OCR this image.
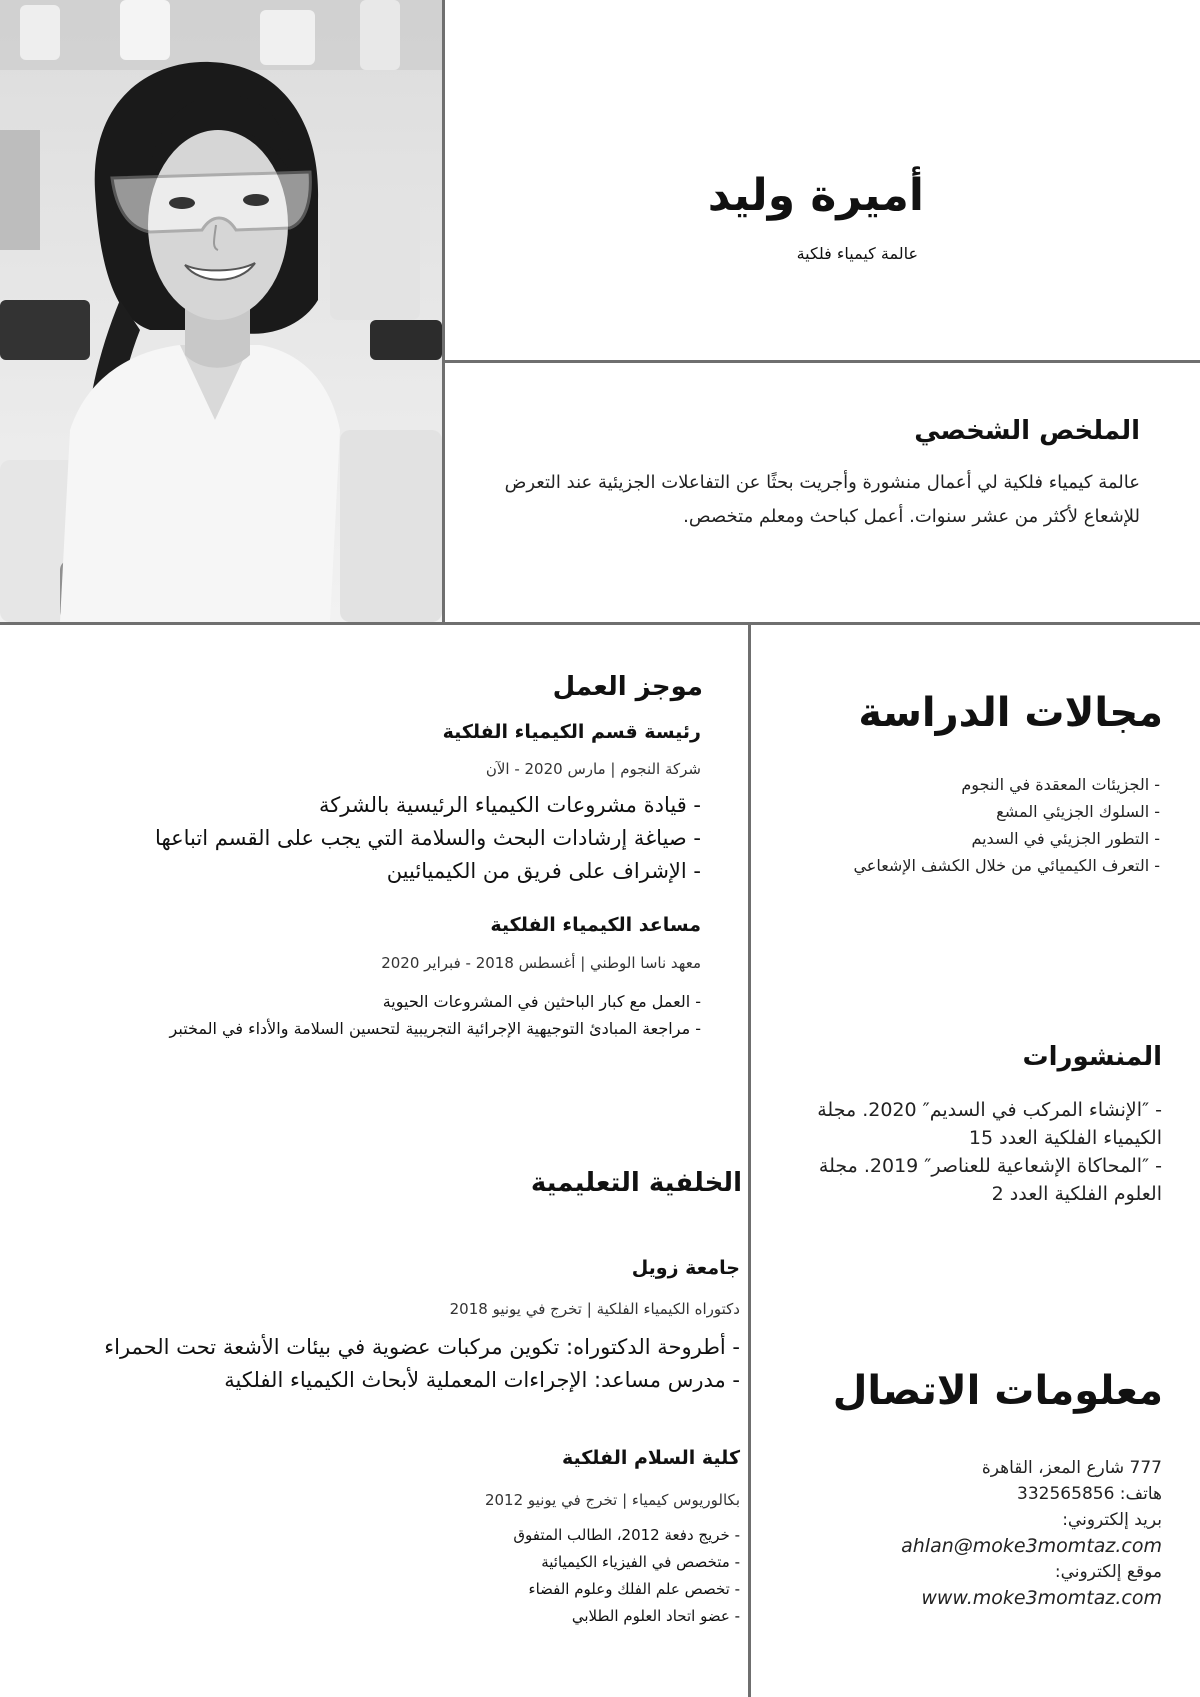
أميرة وليد
عالمة كيمياء فلكية
الملخص الشخصي
عالمة كيمياء فلكية لي أعمال منشورة وأجريت بحثًا عن التفاعلات الجزيئية عند التعرض للإشعاع لأكثر من عشر سنوات. أعمل كباحث ومعلم متخصص.
موجز العمل
رئيسة قسم الكيمياء الفلكية
شركة النجوم | مارس 2020 - الآن
- قيادة مشروعات الكيمياء الرئيسية بالشركة
- صياغة إرشادات البحث والسلامة التي يجب على القسم اتباعها
- الإشراف على فريق من الكيميائيين
مساعد الكيمياء الفلكية
معهد ناسا الوطني | أغسطس 2018 - فبراير 2020
- العمل مع كبار الباحثين في المشروعات الحيوية
- مراجعة المبادئ التوجيهية الإجرائية التجريبية لتحسين السلامة والأداء في المختبر
الخلفية التعليمية
جامعة زويل
دكتوراه الكيمياء الفلكية | تخرج في يونيو 2018
- أطروحة الدكتوراه: تكوين مركبات عضوية في بيئات الأشعة تحت الحمراء
- مدرس مساعد: الإجراءات المعملية لأبحاث الكيمياء الفلكية
كلية السلام الفلكية
بكالوريوس كيمياء | تخرج في يونيو 2012
- خريج دفعة 2012، الطالب المتفوق
- متخصص في الفيزياء الكيميائية
- تخصص علم الفلك وعلوم الفضاء
- عضو اتحاد العلوم الطلابي
مجالات الدراسة
- الجزيئات المعقدة في النجوم
- السلوك الجزيئي المشع
- التطور الجزيئي في السديم
- التعرف الكيميائي من خلال الكشف الإشعاعي
المنشورات
- ″الإنشاء المركب في السديم″ 2020. مجلة الكيمياء الفلكية العدد 15
- ″المحاكاة الإشعاعية للعناصر″ 2019. مجلة العلوم الفلكية العدد 2
معلومات الاتصال
777 شارع المعز، القاهرة
هاتف: 332565856
بريد إلكتروني:
ahlan@moke3momtaz.com
موقع إلكتروني:
www.moke3momtaz.com
